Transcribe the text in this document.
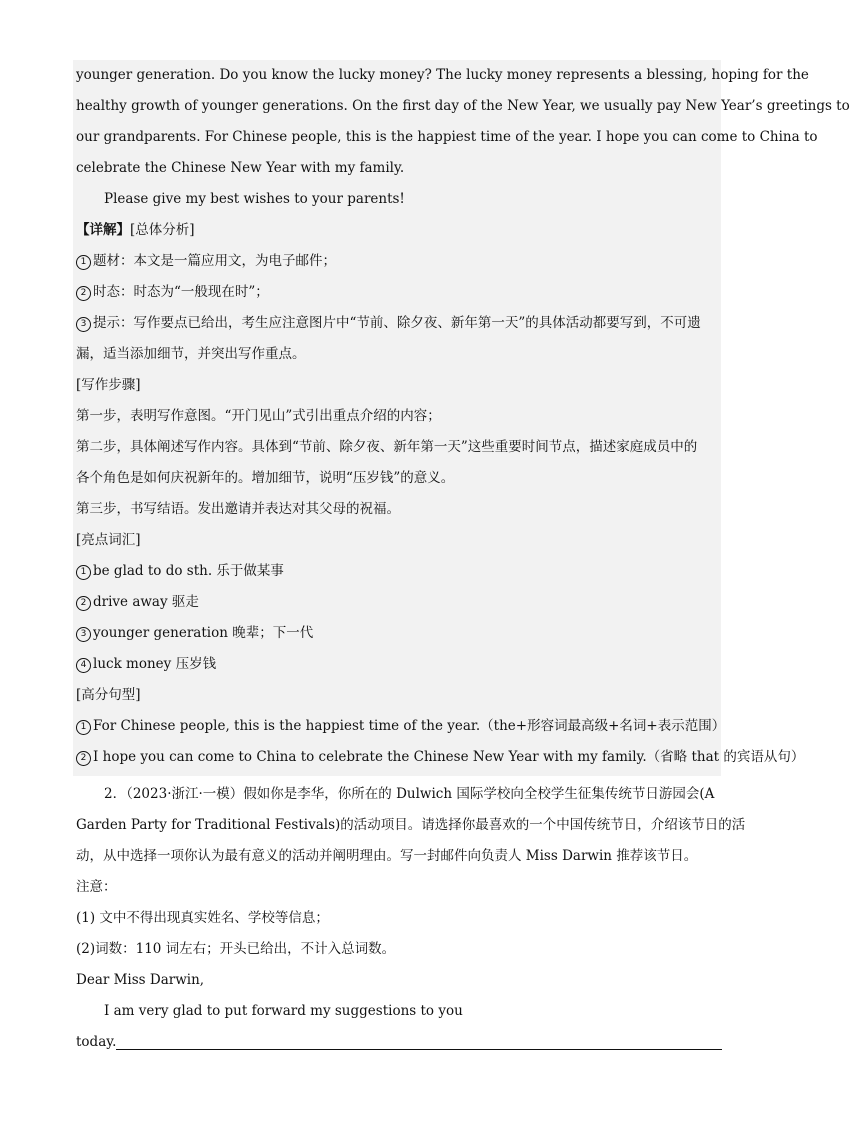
younger generation. Do you know the lucky money? The lucky money represents a blessing, hoping for the
healthy growth of younger generations. On the first day of the New Year, we usually pay New Year’s greetings to
our grandparents. For Chinese people, this is the happiest time of the year. I hope you can come to China to
celebrate the Chinese New Year with my family.
Please give my best wishes to your parents!
【详解】[总体分析]
1 题材：本文是一篇应用文，为电子邮件；
2 时态：时态为“一般现在时”；
3 提示：写作要点已给出，考生应注意图片中“节前、除夕夜、新年第一天”的具体活动都要写到，不可遗
漏，适当添加细节，并突出写作重点。
[写作步骤]
第一步，表明写作意图。“开门见山”式引出重点介绍的内容；
第二步，具体阐述写作内容。具体到“节前、除夕夜、新年第一天”这些重要时间节点，描述家庭成员中的
各个角色是如何庆祝新年的。增加细节，说明“压岁钱”的意义。
第三步，书写结语。发出邀请并表达对其父母的祝福。
[亮点词汇]
1 be glad to do sth. 乐于做某事
2 drive away 驱走
3 younger generation 晚辈；下一代
4 luck money 压岁钱
[高分句型]
1 For Chinese people, this is the happiest time of the year.（the+形容词最高级+名词+表示范围）
2 I hope you can come to China to celebrate the Chinese New Year with my family.（省略 that 的宾语从句）
2．（2023·浙江·一模）假如你是李华，你所在的 Dulwich 国际学校向全校学生征集传统节日游园会(A
Garden Party for Traditional Festivals)的活动项目。请选择你最喜欢的一个中国传统节日，介绍该节日的活
动，从中选择一项你认为最有意义的活动并阐明理由。写一封邮件向负责人 Miss Darwin 推荐该节日。
注意：
(1) 文中不得出现真实姓名、学校等信息；
(2)词数：110 词左右；开头已给出，不计入总词数。
Dear Miss Darwin,
I am very glad to put forward my suggestions to you
today.
